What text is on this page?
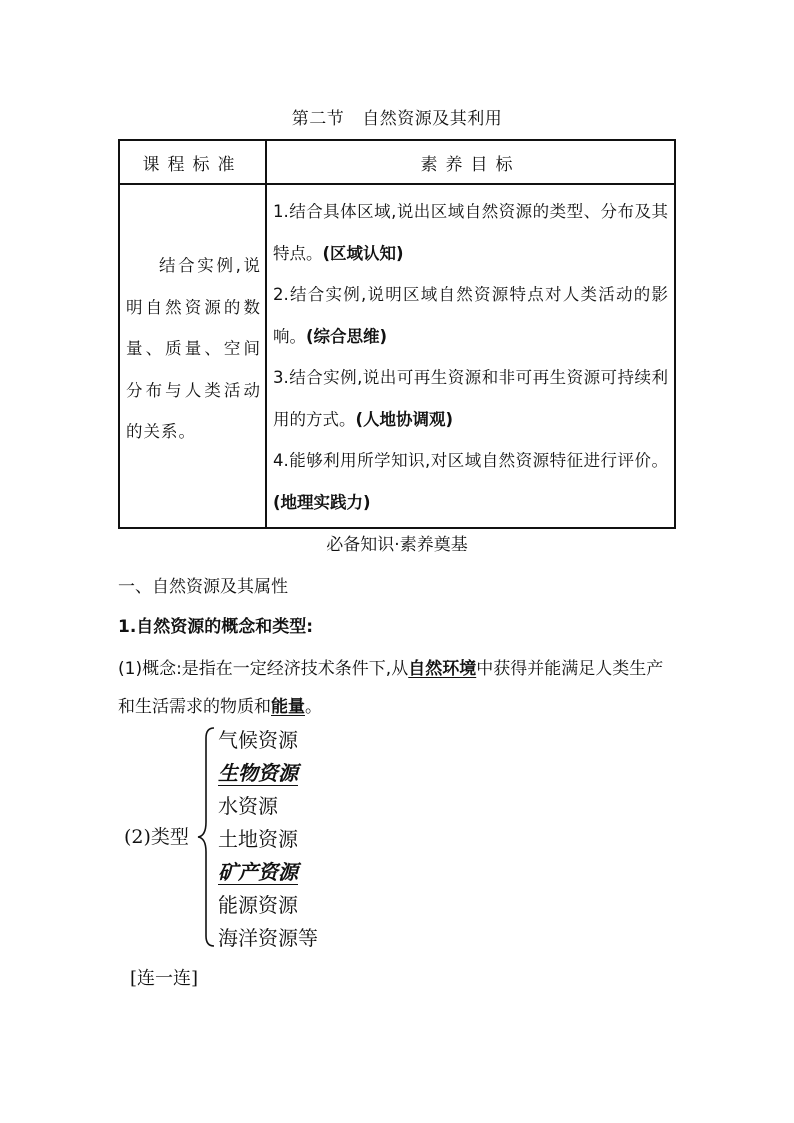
第二节 自然资源及其利用
课程标准	素养目标

结合实例,说明自然资源的数量、质量、空间分布与人类活动的关系。	1.结合具体区域,说出区域自然资源的类型、分布及其特点。(区域认知)
2.结合实例,说明区域自然资源特点对人类活动的影响。(综合思维)
3.结合实例,说出可再生资源和非可再生资源可持续利用的方式。(人地协调观)
4.能够利用所学知识,对区域自然资源特征进行评价。(地理实践力)
必备知识·素养奠基
一、自然资源及其属性
1.自然资源的概念和类型:
(1)概念:是指在一定经济技术条件下,从自然环境中获得并能满足人类生产和生活需求的物质和能量。
(2)类型
气候资源
生物资源
水资源
土地资源
矿产资源
能源资源
海洋资源等
[连一连]
